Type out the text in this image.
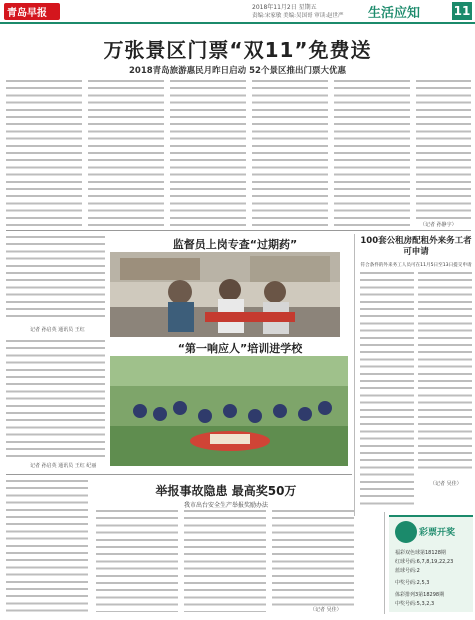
青岛早报
2018年11月2日 星期五
责编:宋家敏 美编:吴国哥 审读:赵世严 生活应知	11
万张景区门票“双11”免费送
2018青岛旅游惠民月昨日启动 52个景区推出门票大优惠
（记者 孙静宇）
记者 孙启英 通讯员 王红
监督员上岗专查“过期药”	100套公租房配租外来务工者可申请
符合条件的外来务工人员可在11月5日至13日提交申请
（记者 吴佳）
记者 孙启英 通讯员 王红 纪丽
“第一响应人”培训进学校
举报事故隐患 最高奖50万
我市出台安全生产举报奖励办法
（记者 吴佳）
彩票开奖
福彩双色球第18128期
红球号码:6,7,8,19,22,23
蓝球号码:2
中奖号码:2,5,3
体彩排列3第18298期
中奖号码:5,3,2,3
